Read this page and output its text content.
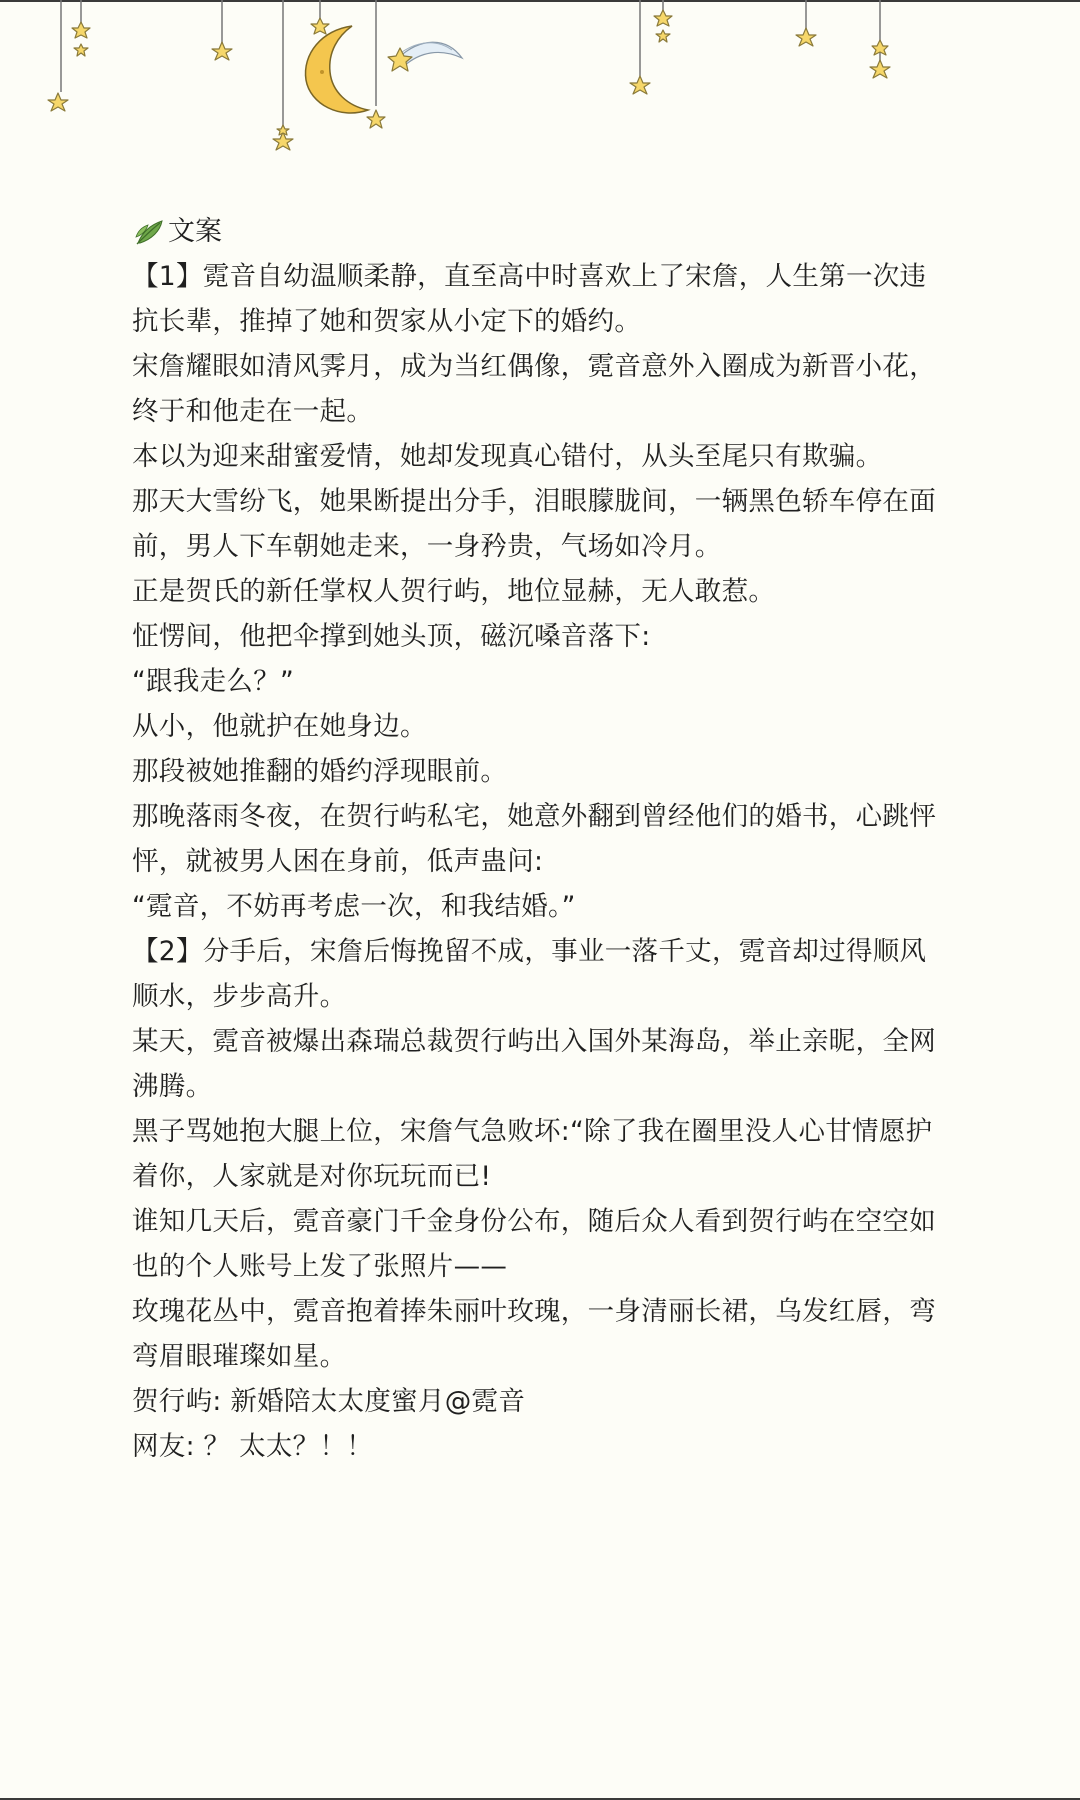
文案

【1】霓音自幼温顺柔静，直至高中时喜欢上了宋詹，人生第一次违抗长辈，推掉了她和贺家从小定下的婚约。

宋詹耀眼如清风霁月，成为当红偶像，霓音意外入圈成为新晋小花，终于和他走在一起。

本以为迎来甜蜜爱情，她却发现真心错付，从头至尾只有欺骗。

那天大雪纷飞，她果断提出分手，泪眼朦胧间，一辆黑色轿车停在面前，男人下车朝她走来，一身矜贵，气场如冷月。

正是贺氏的新任掌权人贺行屿，地位显赫，无人敢惹。

怔愣间，他把伞撑到她头顶，磁沉嗓音落下:

“跟我走么？”

从小，他就护在她身边。

那段被她推翻的婚约浮现眼前。

那晚落雨冬夜，在贺行屿私宅，她意外翻到曾经他们的婚书，心跳怦怦，就被男人困在身前，低声蛊问:

“霓音，不妨再考虑一次，和我结婚。”

【2】分手后，宋詹后悔挽留不成，事业一落千丈，霓音却过得顺风顺水，步步高升。

某天，霓音被爆出森瑞总裁贺行屿出入国外某海岛，举止亲昵，全网沸腾。

黑子骂她抱大腿上位，宋詹气急败坏:“除了我在圈里没人心甘情愿护着你，人家就是对你玩玩而已!

谁知几天后，霓音豪门千金身份公布，随后众人看到贺行屿在空空如也的个人账号上发了张照片——

玫瑰花丛中，霓音抱着捧朱丽叶玫瑰，一身清丽长裙，乌发红唇，弯弯眉眼璀璨如星。

贺行屿: 新婚陪太太度蜜月@霓音

网友: ？ 太太？！！
